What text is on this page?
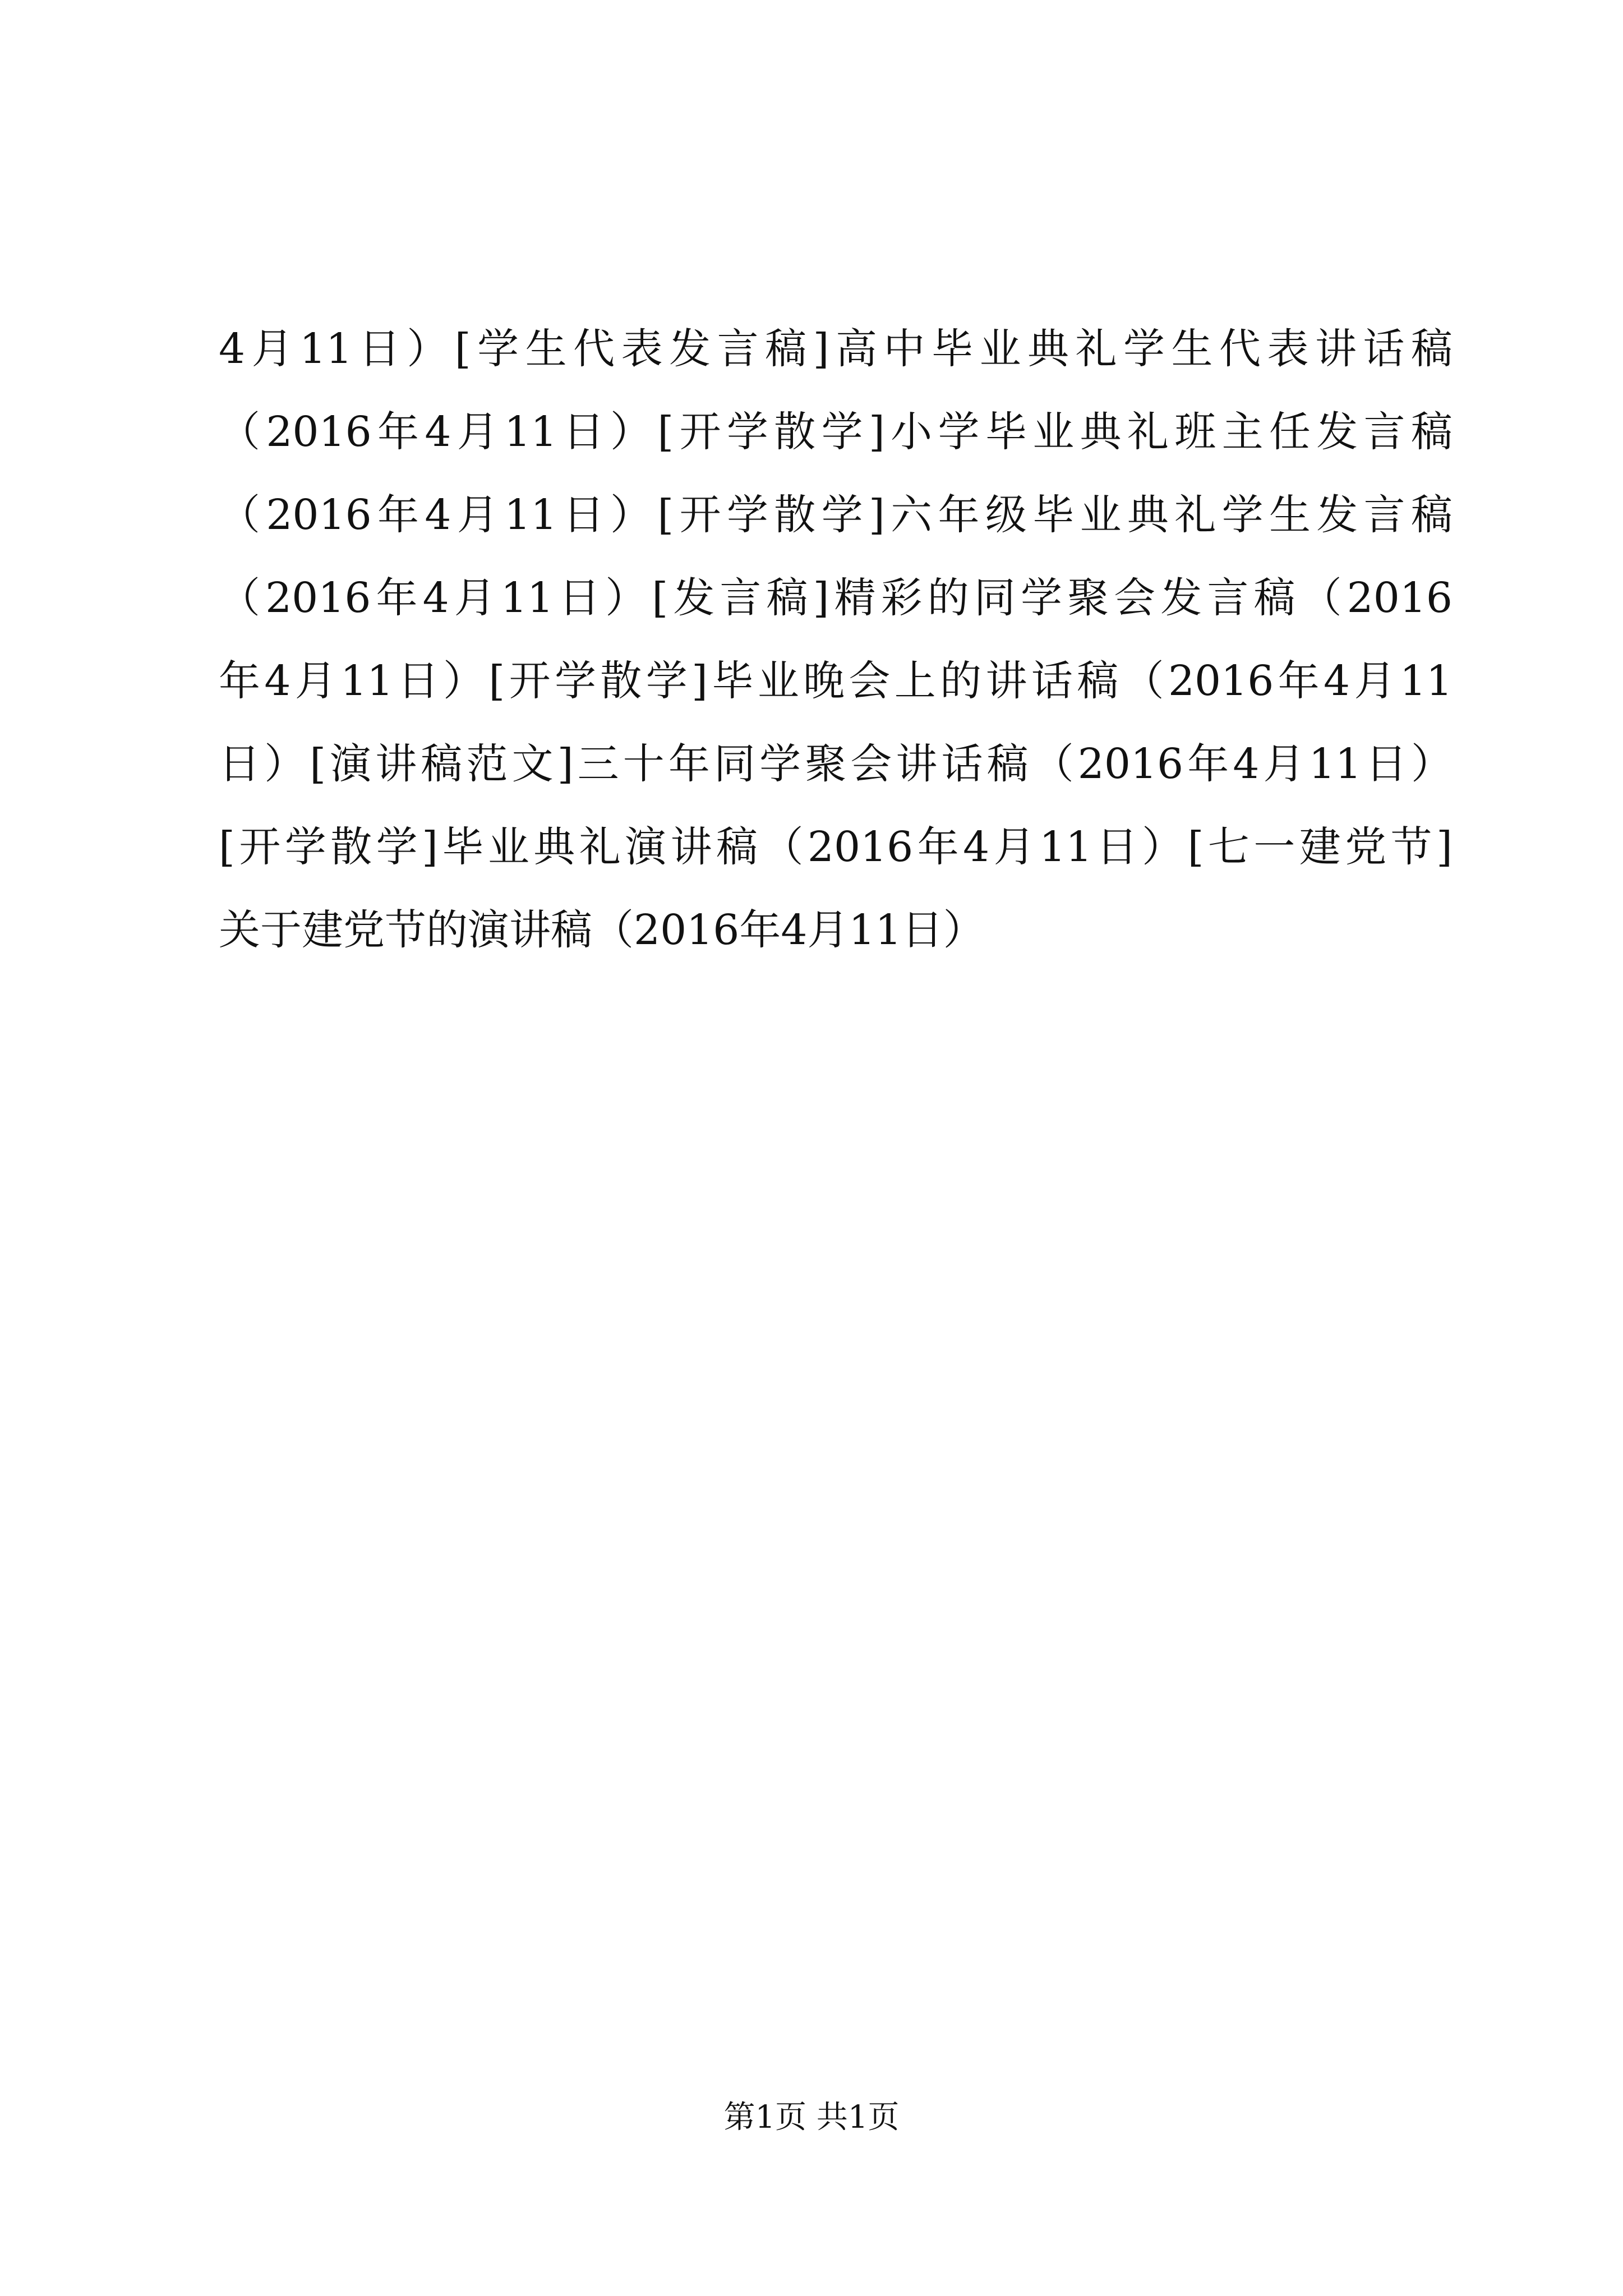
4月11日）[学生代表发言稿]高中毕业典礼学生代表讲话稿
（2016年4月11日）[开学散学]小学毕业典礼班主任发言稿
（2016年4月11日）[开学散学]六年级毕业典礼学生发言稿
（2016年4月11日）[发言稿]精彩的同学聚会发言稿（2016
年4月11日）[开学散学]毕业晚会上的讲话稿（2016年4月11
日）[演讲稿范文]三十年同学聚会讲话稿（2016年4月11日）
[开学散学]毕业典礼演讲稿（2016年4月11日）[七一建党节]
关于建党节的演讲稿（2016年4月11日）
第1页 共1页
